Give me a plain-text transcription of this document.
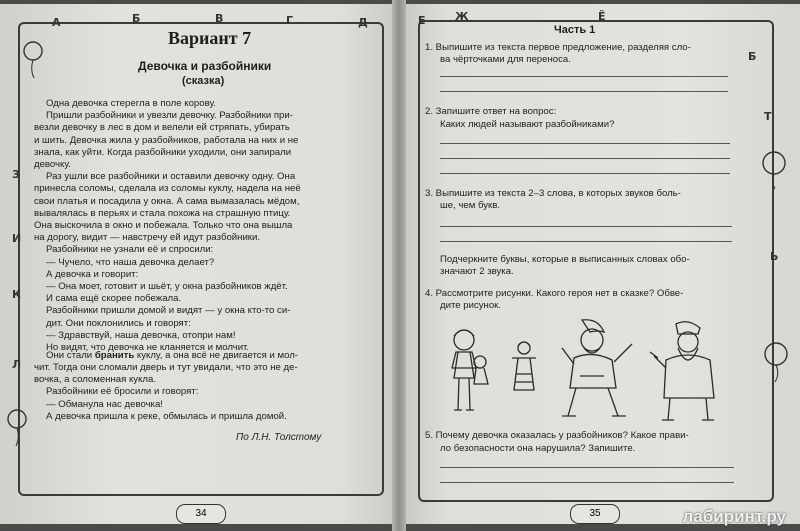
А	Б	В	Г	Д
З
И
К
Л
Е	Ж	Ё
Б
Т
Ь
Вариант 7
Девочка и разбойники
(сказка)
Одна девочка стерегла в поле корову.
Пришли разбойники и увезли девочку. Разбойники при-
везли девочку в лес в дом и велели ей стряпать, убирать
и шить. Девочка жила у разбойников, работала на них и не
знала, как уйти. Когда разбойники уходили, они запирали
девочку.
Раз ушли все разбойники и оставили девочку одну. Она
принесла соломы, сделала из соломы куклу, надела на неё
свои платья и посадила у окна. А сама вымазалась мёдом,
вывалялась в перьях и стала похожа на страшную птицу.
Она выскочила в окно и побежала. Только что она вышла
на дорогу, видит — навстречу ей идут разбойники.
Разбойники не узнали её и спросили:
— Чучело, что наша девочка делает?
А девочка и говорит:
— Она моет, готовит и шьёт, у окна разбойников ждёт.
И сама ещё скорее побежала.
Разбойники пришли домой и видят — у окна кто-то си-
дит. Они поклонились и говорят:
— Здравствуй, наша девочка, отопри нам!
Но видят, что девочка не кланяется и молчит.
Они стали бранить куклу, а она всё не двигается и мол-
чит. Тогда они сломали дверь и тут увидали, что это не де-
вочка, а соломенная кукла.
Разбойники её бросили и говорят:
— Обманула нас девочка!
А девочка пришла к реке, обмылась и пришла домой.
По Л.Н. Толстому
34
Часть 1
1. Выпишите из текста первое предложение, разделяя сло-
ва чёрточками для переноса.
2. Запишите ответ на вопрос:
Каких людей называют разбойниками?
3. Выпишите из текста 2–3 слова, в которых звуков боль-
ше, чем букв.
Подчеркните буквы, которые в выписанных словах обо-
значают 2 звука.
4. Рассмотрите рисунки. Какого героя нет в сказке? Обве-
дите рисунок.
5. Почему девочка оказалась у разбойников? Какое прави-
ло безопасности она нарушила? Запишите.
35	лабиринт.ру
